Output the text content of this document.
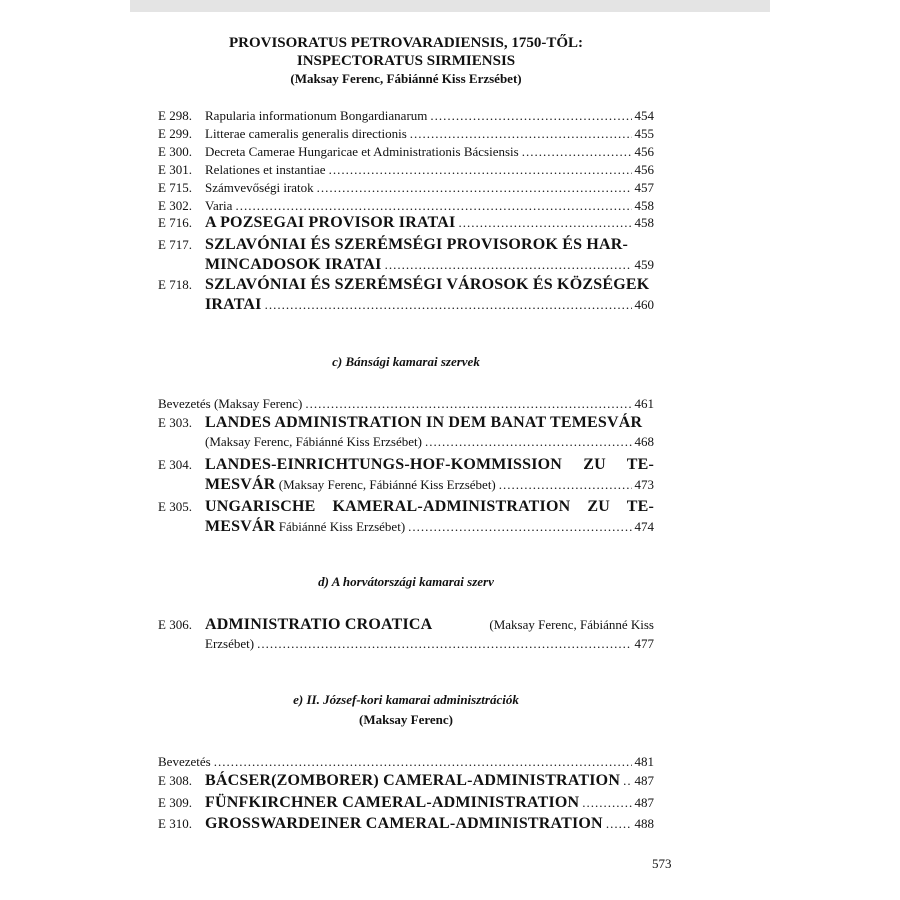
PROVISORATUS PETROVARADIENSIS, 1750-TŐL:
INSPECTORATUS SIRMIENSIS
(Maksay Ferenc, Fábiánné Kiss Erzsébet)
E 298.	Rapularia informationum Bongardianarum .....	454
E 299.	Litterae cameralis generalis directionis .....	455
E 300.	Decreta Camerae Hungaricae et Administrationis Bácsiensis .....	456
E 301.	Relationes et instantiae .....	456
E 715.	Számvevőségi iratok .....	457
E 302.	Varia .....	458
E 716. A POZSEGAI PROVISOR IRATAI .....	458
E 717. SZLAVÓNIAI ÉS SZERÉMSÉGI PROVISOROK ÉS HAR-
MINCADOSOK IRATAI .....	459
E 718. SZLAVÓNIAI ÉS SZERÉMSÉGI VÁROSOK ÉS KÖZSÉGEK
IRATAI .....	460
c) Bánsági kamarai szervek
Bevezetés (Maksay Ferenc) .....	461
E 303. LANDES ADMINISTRATION IN DEM BANAT TEMESVÁR
(Maksay Ferenc, Fábiánné Kiss Erzsébet) .....	468
E 304. LANDES-EINRICHTUNGS-HOF-KOMMISSION ZU TE-
MESVÁR (Maksay Ferenc, Fábiánné Kiss Erzsébet) .....	473
E 305. UNGARISCHE KAMERAL-ADMINISTRATION ZU TE-
MESVÁR Fábiánné Kiss Erzsébet) .....	474
d) A horvátországi kamarai szerv
E 306. ADMINISTRATIO CROATICA	(Maksay Ferenc, Fábiánné Kiss
Erzsébet) .....	477
e) II. József-kori kamarai adminisztrációk
(Maksay Ferenc)
Bevezetés .....	481
E 308. BÁCSER(ZOMBORER) CAMERAL-ADMINISTRATION ..... 487
E 309. FÜNFKIRCHNER CAMERAL-ADMINISTRATION .....	487
E 310. GROSSWARDEINER CAMERAL-ADMINISTRATION ..... 488
573
